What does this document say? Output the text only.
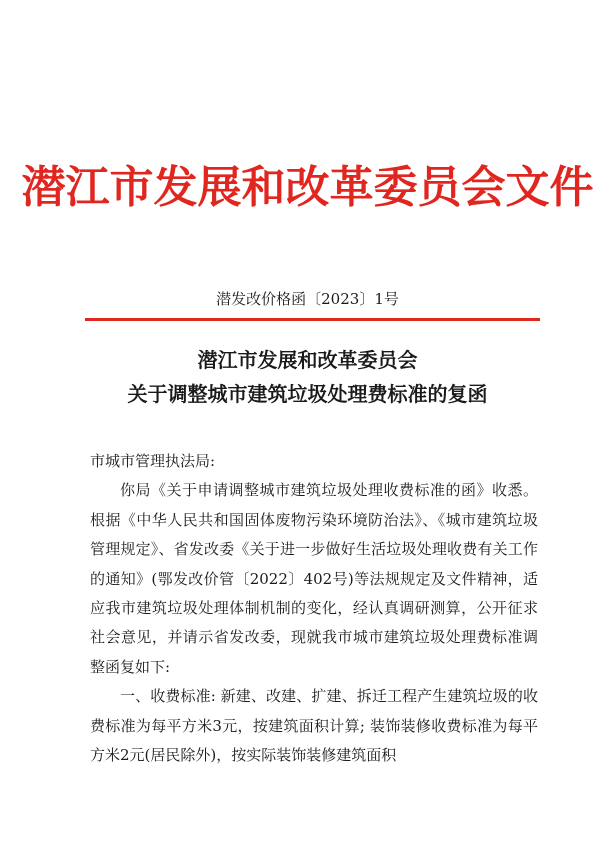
潜江市发展和改革委员会文件
潜发改价格函〔2023〕1号
潜江市发展和改革委员会
关于调整城市建筑垃圾处理费标准的复函

市城市管理执法局:

你局《关于申请调整城市建筑垃圾处理收费标准的函》收悉。根据《中华人民共和国固体废物污染环境防治法》、《城市建筑垃圾管理规定》、省发改委《关于进一步做好生活垃圾处理收费有关工作的通知》(鄂发改价管〔2022〕402号)等法规规定及文件精神，适应我市建筑垃圾处理体制机制的变化，经认真调研测算，公开征求社会意见，并请示省发改委，现就我市城市建筑垃圾处理费标准调整函复如下:

一、收费标准: 新建、改建、扩建、拆迁工程产生建筑垃圾的收费标准为每平方米3元，按建筑面积计算; 装饰装修收费标准为每平方米2元(居民除外)，按实际装饰装修建筑面积
